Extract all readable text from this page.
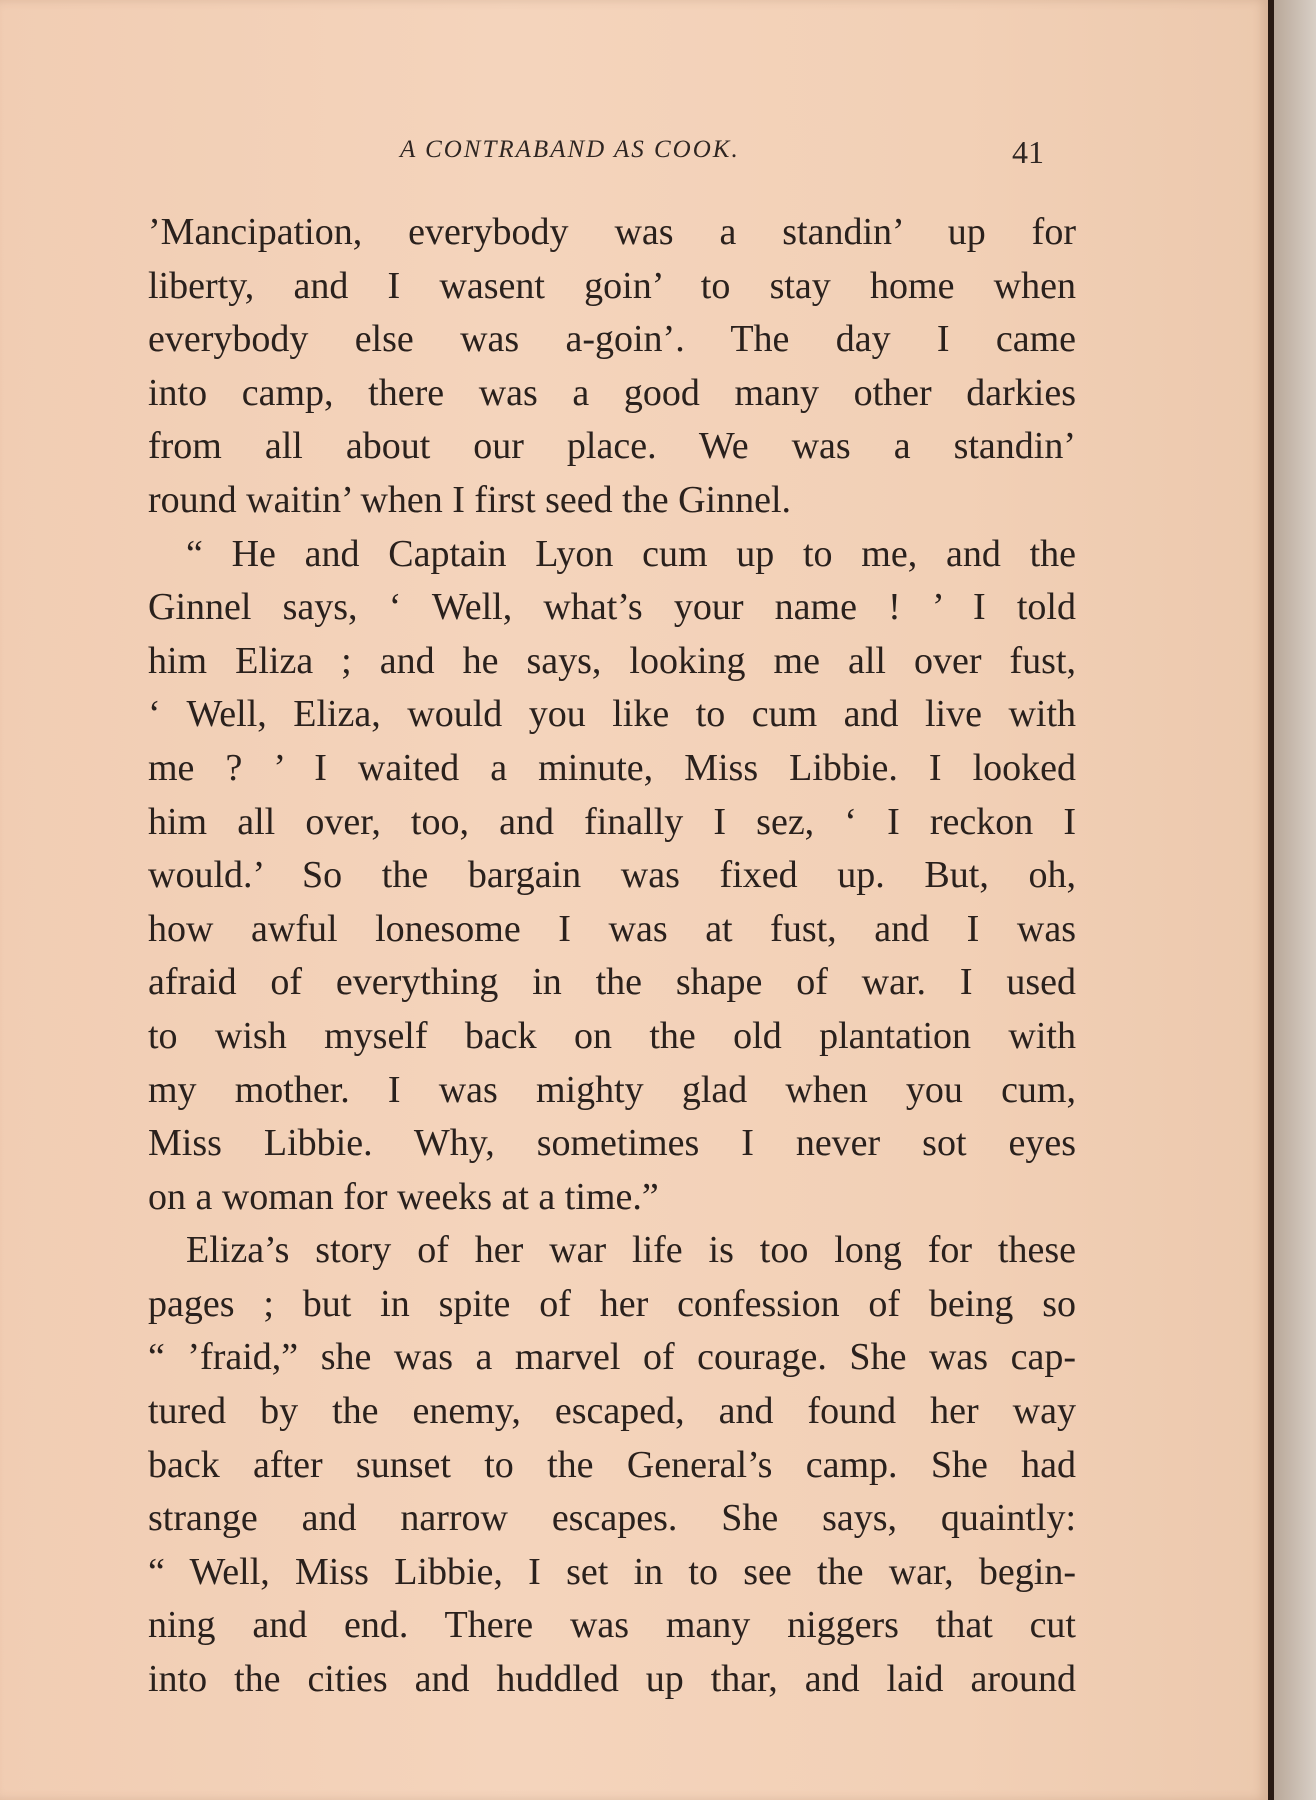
A CONTRABAND AS COOK.	41
’Mancipation, everybody was a standin’ up for
liberty, and I wasent goin’ to stay home when
everybody else was a-goin’. The day I came
into camp, there was a good many other darkies
from all about our place. We was a standin’
round waitin’ when I first seed the Ginnel.
“ He and Captain Lyon cum up to me, and the
Ginnel says, ‘ Well, what’s your name ! ’ I told
him Eliza ; and he says, looking me all over fust,
‘ Well, Eliza, would you like to cum and live with
me ? ’ I waited a minute, Miss Libbie. I looked
him all over, too, and finally I sez, ‘ I reckon I
would.’ So the bargain was fixed up. But, oh,
how awful lonesome I was at fust, and I was
afraid of everything in the shape of war. I used
to wish myself back on the old plantation with
my mother. I was mighty glad when you cum,
Miss Libbie. Why, sometimes I never sot eyes
on a woman for weeks at a time.”
Eliza’s story of her war life is too long for these
pages ; but in spite of her confession of being so
“ ’fraid,” she was a marvel of courage. She was cap-
tured by the enemy, escaped, and found her way
back after sunset to the General’s camp. She had
strange and narrow escapes. She says, quaintly:
“ Well, Miss Libbie, I set in to see the war, begin-
ning and end. There was many niggers that cut
into the cities and huddled up thar, and laid around
